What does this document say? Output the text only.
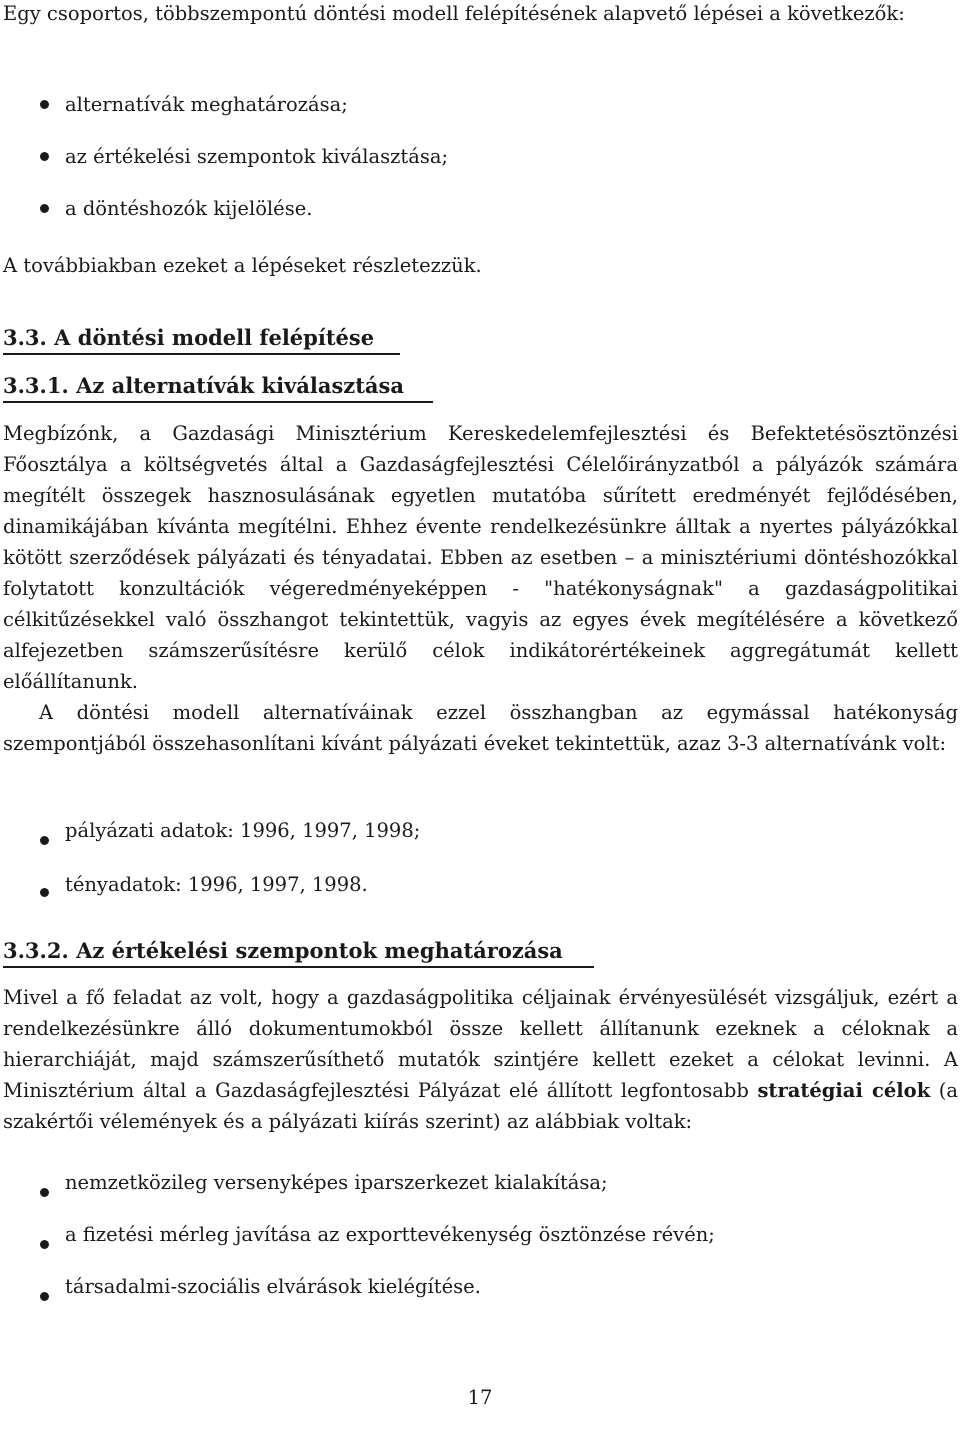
Egy csoportos, többszempontú döntési modell felépítésének alapvető lépései a következők:

alternatívák meghatározása;

az értékelési szempontok kiválasztása;

a döntéshozók kijelölése.

A továbbiakban ezeket a lépéseket részletezzük.

3.3. A döntési modell felépítése
3.3.1. Az alternatívák kiválasztása

Megbízónk, a Gazdasági Minisztérium Kereskedelemfejlesztési és Befektetésösztönzési Főosztálya a költségvetés által a Gazdaságfejlesztési Célelőirányzatból a pályázók számára megítélt összegek hasznosulásának egyetlen mutatóba sűrített eredményét fejlődésében, dinamikájában kívánta megítélni. Ehhez évente rendelkezésünkre álltak a nyertes pályázókkal kötött szerződések pályázati és tényadatai. Ebben az esetben – a minisztériumi döntéshozókkal folytatott konzultációk végeredményeképpen - "hatékonyságnak" a gazdaságpolitikai célkitűzésekkel való összhangot tekintettük, vagyis az egyes évek megítélésére a következő alfejezetben számszerűsítésre kerülő célok indikátorértékeinek aggregátumát kellett előállítanunk.

A döntési modell alternatíváinak ezzel összhangban az egymással hatékonyság szempontjából összehasonlítani kívánt pályázati éveket tekintettük, azaz 3-3 alternatívánk volt:

pályázati adatok: 1996, 1997, 1998;

tényadatok: 1996, 1997, 1998.

3.3.2. Az értékelési szempontok meghatározása

Mivel a fő feladat az volt, hogy a gazdaságpolitika céljainak érvényesülését vizsgáljuk, ezért a rendelkezésünkre álló dokumentumokból össze kellett állítanunk ezeknek a céloknak a hierarchiáját, majd számszerűsíthető mutatók szintjére kellett ezeket a célokat levinni. A Minisztérium által a Gazdaságfejlesztési Pályázat elé állított legfontosabb stratégiai célok (a szakértői vélemények és a pályázati kiírás szerint) az alábbiak voltak:

nemzetközileg versenyképes iparszerkezet kialakítása;

a fizetési mérleg javítása az exporttevékenység ösztönzése révén;

társadalmi-szociális elvárások kielégítése.

17
